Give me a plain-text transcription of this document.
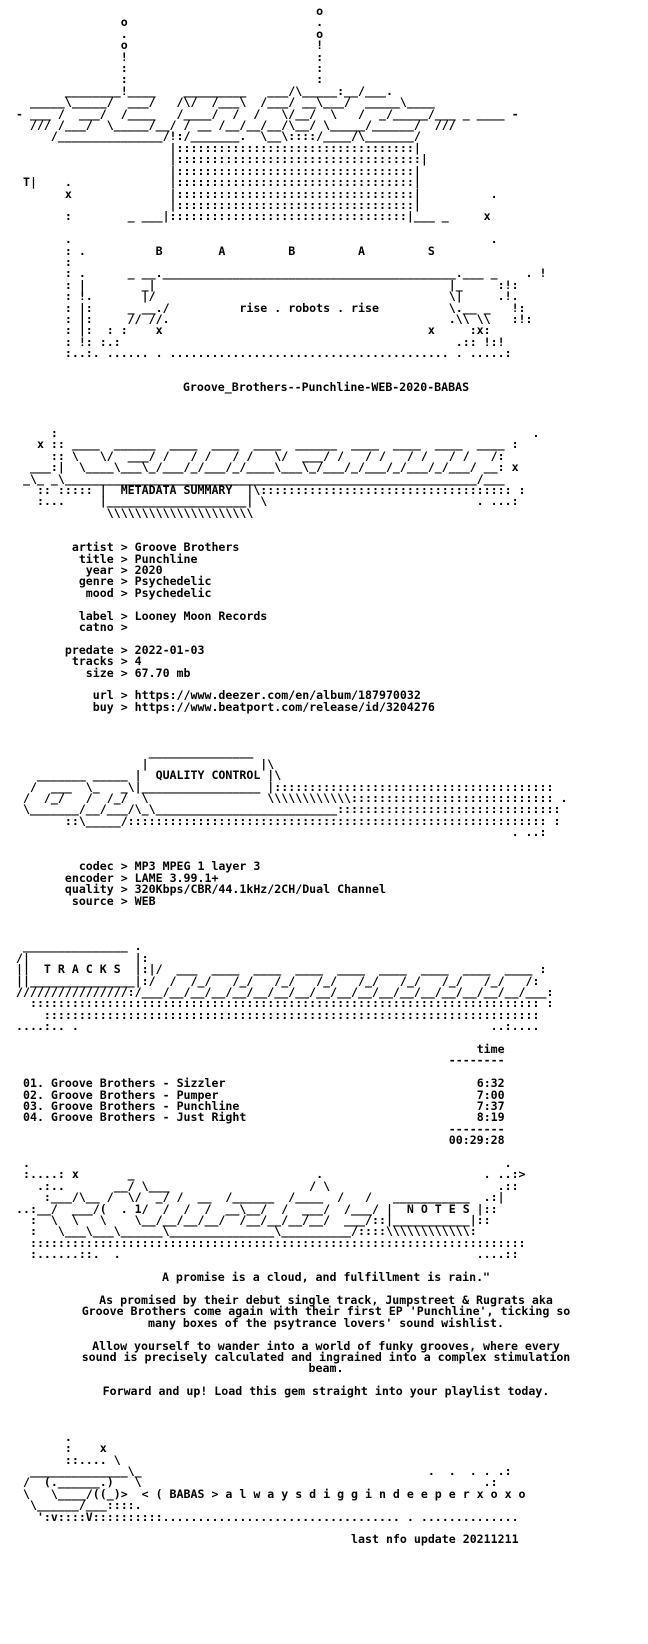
o
o                           .
.                           o
o                           !
!                           :
:                           :
:                           :
________!____    _________   ___/\_____:__/___.
_____\_____/  ___/   /\/  /___\  /___/ __\___/  _____\____
- ___ /  ___/  /____   /____/  /  /   \/__/  \   /  _/_____/___ _ ____ -
/// /___/  \_____/__/ / __ /__/__/__/\__/ \_____/______/  ///
/_______________/!:/_______.  \__\::::/____/\_______/
|::::::::::::::::::::::::::::::::::|
|:::::::::::::::::::::::::::::::::::|
|::::::::::::::::::::::::::::::::::|
T|    .              |::::::::::::::::::::::::::::::::::|
x              |::::::::::::::::::::::::::::::::::|          .
|::::::::::::::::::::::::::::::::::|
:        _ ___|::::::::::::::::::::::::::::::::::|___ _     x
.                                                            .
: .          B        A         B         A         S
:
: .      _ __.__________________________________________.___ _    . !
: |        _|                                          |_     :!:
: !.       |/                                          \|     .!.
: |:     _ __./          rise . robots . rise          \.__ _   !:
: |:     // //.                                        .\\ \\   :!:
: |:  : :    x                                      x     :x:
: !: :.:                                                .:: !:!
:..:. ...... . ........................................ . .....:
Groove_Brothers--Punchline-WEB-2020-BABAS
:                                                                    .
x :: ____  ______  ____  ____  ____  ______  ____  ____  ____  ____ :
:: \   \/  ___/ /   / /   / /   \/  ___/ /   / /   / /   / /   /:
___:|  \____\___\_/___/_/___/_/____\___\_/___/_/___/_/___/_/___/ __: x
_\_ _\___________________________________________________________/___
:: ::::: |  METADATA SUMMARY  |\:::::::::::::::::::::::::::::::::::: :
:...     |____________________| \                              . ...:
\\\\\\\\\\\\\\\\\\\\\
artist > Groove Brothers
title > Punchline
year > 2020
genre > Psychedelic
mood > Psychedelic
label > Looney Moon Records
catno >
predate > 2022-01-03
tracks > 4
size > 67.70 mb
url > https://www.deezer.com/en/album/187970032
buy > https://www.beatport.com/release/id/3204276
_______________
|                |\
_______ _____ |  QUALITY CONTROL |\
/  ___  \_   _\|_________________ |::::::::::::::::::::::::::::::::::::::::
/  /_/   /  /_/  \                 \\\\\\\\\\\\::::::::::::::::::::::::::::: .
\_______/__/___/\_\__________________________::::::::::::::::::::::::::::::::
::\_____/:::::::::::::::::::::::::::::::::::::::::::::::::::::::::::: :
. ..:
codec > MP3 MPEG 1 layer 3
encoder > LAME 3.99.1+
quality > 320Kbps/CBR/44.1kHz/2CH/Dual Channel
source > WEB
_______________ .
/|               |:
||  T R A C K S  |:|/  ___  ____  ____  ____  ____  ____  ____  ____  ____ :
||_______________|:/  /  /_/   /_/   /_/   /_/   /_/   /_/   /_/   /_/   /:
////////////////:/___/__/__/__/__/__/__/__/__/__/__/__/__/__/__/__/__/__/___:
::::::::::::::::::::::::::::::::::::::::::::::::::::::::::::::::::::::::: :
:::::::::::::::::::::::::::::::::::::::::::::::::::::::::::::::::::::::
....:.. .                                                           ..:....
time
--------
01. Groove Brothers - Sizzler	6:32
02. Groove Brothers - Pumper	7:00
03. Groove Brothers - Punchline	7:37
04. Groove Brothers - Just Right	8:19
--------
00:29:28
.                                                                    .
:....: x       _                          .                       . ..:>
.:..       __/ \___                    / \                        .::
:___/\__ /  \/  _/ /  __  /______  /____  /   /   ___________  .:|
..:__/  ___/(  . 1/  /  /  /  __\__/  /  ___/  /___/ |  N O T E S |::
:  \  \   \    \__/__/__/__/  /__/__/__/__/  ___/::|___________|::
:   \___\___\______\_______________\__________/::::\\\\\\\\\\\\:
:::::::::::::::::::::::::::::::::::::::::::::::::::::::::::::::::::::::
:......::.  .                                                   ....::
A promise is a cloud, and fulfillment is rain."
As promised by their debut single track, Jumpstreet & Rugrats aka
Groove Brothers come again with their first EP 'Punchline', ticking so
many boxes of the psytrance lovers' sound wishlist.
Allow yourself to wander into a world of funky grooves, where every
sound is precisely calculated and ingrained into a complex stimulation
beam.
Forward and up! Load this gem straight into your playlist today.
.
:    x
::.... \
______________\_                                         .  .  . . .:
/  (.______.)   \                                                 .:
\   \____/((_)>  < ( BABAS > a l w a y s d i g g i n d e e p e r x o x o
\______/___::::.
':v::::V::::::::::.................................. . ..............
last nfo update 20211211
